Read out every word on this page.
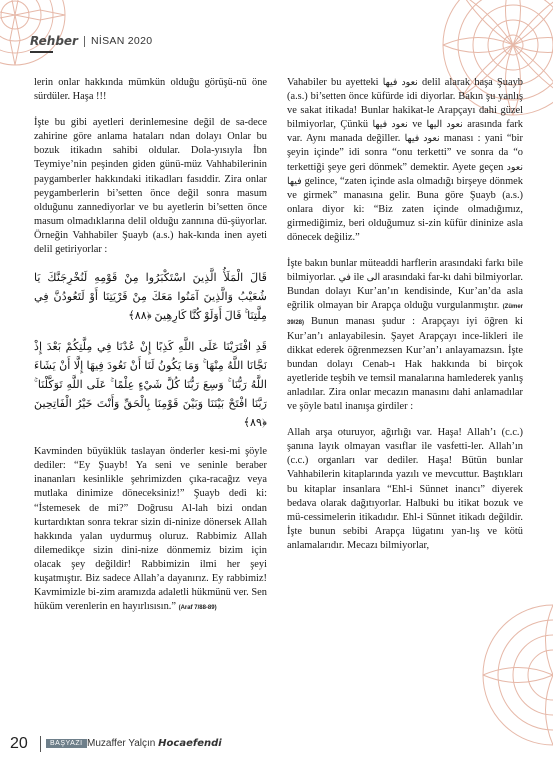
Rehber NİSAN 2020

lerin onlar hakkında mümkün olduğu görüşü-nü öne sürdüler. Haşa !!!

İşte bu gibi ayetleri derinlemesine değil de sa-dece zahirine göre anlama hataları ndan dolayı Onlar bu bozuk itikadın sahibi oldular. Dola-yısıyla İbn Teymiye’nin peşinden giden günü-müz Vahhabilerinin paygamberler hakkındaki itikadları fasıddir. Zira onlar peygamberlerin bi’setten önce değil sonra masum olduğunu zannediyorlar ve bu ayetlerin bi’setten önce masum olmadıklarına delil olduğu zannına dü-şüyorlar. Örneğin Vahhabiler Şuayb (a.s.) hak-kında inen ayeti delil getiriyorlar :

قَالَ الْمَلَأُ الَّذِينَ اسْتَكْبَرُوا مِنْ قَوْمِهِ لَنُخْرِجَنَّكَ يَا شُعَيْبُ وَالَّذِينَ آمَنُوا مَعَكَ مِنْ قَرْيَتِنَا أَوْ لَتَعُودُنَّ فِي مِلَّتِنَا ۚ قَالَ أَوَلَوْ كُنَّا كَارِهِينَ ﴿٨٨﴾

قَدِ افْتَرَيْنَا عَلَى اللَّهِ كَذِبًا إِنْ عُدْنَا فِي مِلَّتِكُمْ بَعْدَ إِذْ نَجَّانَا اللَّهُ مِنْهَا ۚ وَمَا يَكُونُ لَنَا أَنْ نَعُودَ فِيهَا إِلَّا أَنْ يَشَاءَ اللَّهُ رَبُّنَا ۚ وَسِعَ رَبُّنَا كُلَّ شَيْءٍ عِلْمًا ۚ عَلَى اللَّهِ تَوَكَّلْنَا ۚ رَبَّنَا افْتَحْ بَيْنَنَا وَبَيْنَ قَوْمِنَا بِالْحَقِّ وَأَنْتَ خَيْرُ الْفَاتِحِينَ ﴿٨٩﴾

Kavminden büyüklük taslayan önderler kesi-mi şöyle dediler: “Ey Şuayb! Ya seni ve seninle beraber inananları kesinlikle şehrimizden çıka-racağız veya mutlaka dinimize döneceksiniz!” Şuayb dedi ki: “İstemesek de mi?” Doğrusu Al-lah bizi ondan kurtardıktan sonra tekrar sizin di-ninize dönersek Allah hakkında yalan uydurmuş oluruz. Rabbimiz Allah dilemedikçe sizin dini-nize dönmemiz bizim için olacak şey değildir! Rabbimizin ilmi her şeyi kuşatmıştır. Biz sadece Allah’a dayanırız. Ey rabbimiz! Kavmimizle bi-zim aramızda adaletli hükmünü ver. Sen hüküm verenlerin en hayırlısısın.” (Araf 7/88-89)

Vahabiler bu ayetteki نعود فيها delil alarak haşa Şuayb (a.s.) bi’setten önce küfürde idi diyorlar. Bakın şu yanlış ve sakat itikada! Bunlar hakikat-le Arapçayı dahi güzel bilmiyorlar, Çünkü نعود فيها ve نعود اليها arasında fark var. Aynı manada değiller. نعود فيها manası : yani “bir şeyin içinde” idi sonra “onu terketti” ve sonra da “o terkettiği şeye geri dönmek” demektir. Ayete geçen نعود فيها gelince, “zaten içinde asla olmadığı birşeye dönmek ve girmek” manasına gelir. Buna göre Şuayb (a.s.) onlara diyor ki: “Biz zaten içinde olmadığımız, girmediğimiz, beri olduğumuz si-zin küfür dininize asla dönecek değiliz.”

İşte bakın bunlar müteaddi harflerin arasındaki farkı bile bilmiyorlar. في ile الى arasındaki far-kı dahi bilmiyorlar. Bundan dolayı Kur’an’ın kendisinde, Kur’an’da asla eğrilik olmayan bir Arapça olduğu vurgulanmıştır. (Zümer 39/28) Bunun manası şudur : Arapçayı iyi öğren ki Kur’an’ı anlayabilesin. Şayet Arapçayı ince-likleri ile dikkat ederek öğrenmezsen Kur’an’ı anlayamazsın. İşte bundan dolayı Cenab-ı Hak hakkında bi birçok ayetleride teşbih ve temsil manalarına hamlederek yanlış anladılar. Zira onlar mecazın manasını dahi anlamadılar ve şöyle batıl inanışa girdiler :

Allah arşa oturuyor, ağırlığı var. Haşa! Allah’ı (c.c.) şanına layık olmayan vasıflar ile vasfetti-ler. Allah’ın (c.c.) organları var dediler. Haşa! Bütün bunlar Vahhabilerin kitaplarında yazılı ve mevcuttur. Baştıkları bu kitaplar insanlara “Ehl-i Sünnet inancı” diyerek bedava olarak dağıtıyorlar. Halbuki bu itikat bozuk ve mü-cessimelerin itikadıdır. Ehl-i Sünnet itikadı değildir. İşte bunun sebibi Arapça lügatını yan-lış ve kötü anlamalarıdır. Mecazı bilmiyorlar,

20	BAŞYAZI Muzaffer Yalçın Hocaefendi
